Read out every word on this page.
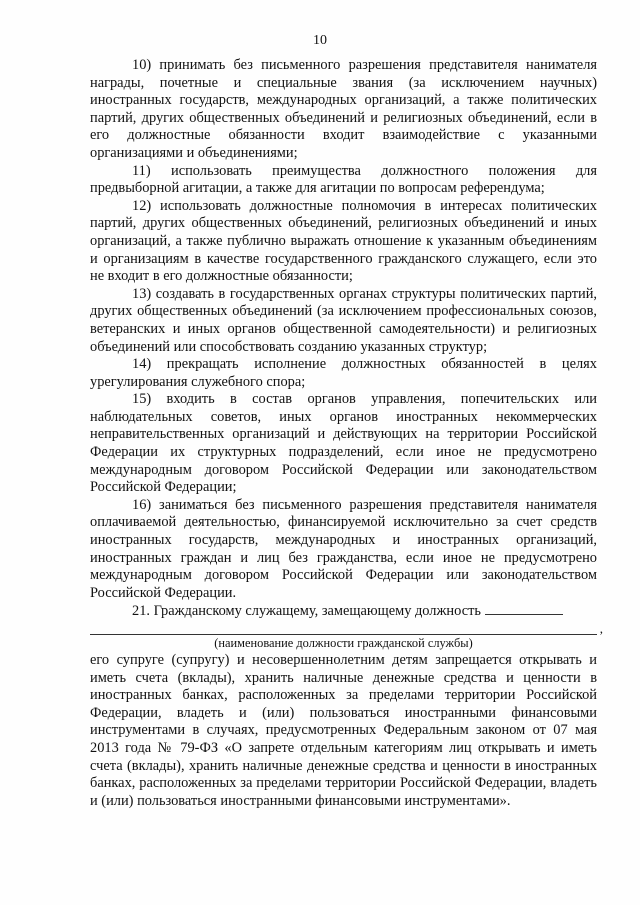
10

10) принимать без письменного разрешения представителя нанимателя награды, почетные и специальные звания (за исключением научных) иностранных государств, международных организаций, а также политических партий, других общественных объединений и религиозных объединений, если в его должностные обязанности входит взаимодействие с указанными организациями и объединениями;

11) использовать преимущества должностного положения для предвыборной агитации, а также для агитации по вопросам референдума;

12) использовать должностные полномочия в интересах политических партий, других общественных объединений, религиозных объединений и иных организаций, а также публично выражать отношение к указанным объединениям и организациям в качестве государственного гражданского служащего, если это не входит в его должностные обязанности;

13) создавать в государственных органах структуры политических партий, других общественных объединений (за исключением профессиональных союзов, ветеранских и иных органов общественной самодеятельности) и религиозных объединений или способствовать созданию указанных структур;

14) прекращать исполнение должностных обязанностей в целях урегулирования служебного спора;

15) входить в состав органов управления, попечительских или наблюдательных советов, иных органов иностранных некоммерческих неправительственных организаций и действующих на территории Российской Федерации их структурных подразделений, если иное не предусмотрено международным договором Российской Федерации или законодательством Российской Федерации;

16) заниматься без письменного разрешения представителя нанимателя оплачиваемой деятельностью, финансируемой исключительно за счет средств иностранных государств, международных и иностранных организаций, иностранных граждан и лиц без гражданства, если иное не предусмотрено международным договором Российской Федерации или законодательством Российской Федерации.

21. Гражданскому служащему, замещающему должность

,

(наименование должности гражданской службы)

его супруге (супругу) и несовершеннолетним детям запрещается открывать и иметь счета (вклады), хранить наличные денежные средства и ценности в иностранных банках, расположенных за пределами территории Российской Федерации, владеть и (или) пользоваться иностранными финансовыми инструментами в случаях, предусмотренных Федеральным законом от 07 мая 2013 года № 79-ФЗ «О запрете отдельным категориям лиц открывать и иметь счета (вклады), хранить наличные денежные средства и ценности в иностранных банках, расположенных за пределами территории Российской Федерации, владеть и (или) пользоваться иностранными финансовыми инструментами».
